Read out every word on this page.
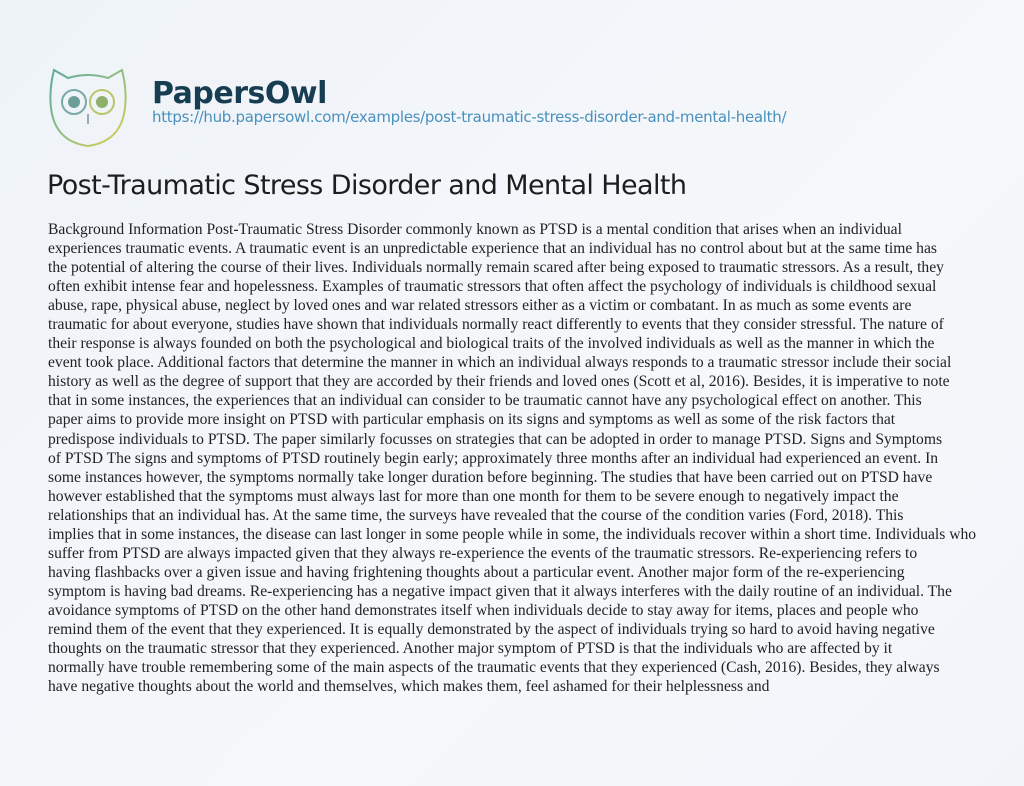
PapersOwl
https://hub.papersowl.com/examples/post-traumatic-stress-disorder-and-mental-health/
Post-Traumatic Stress Disorder and Mental Health
Background Information Post-Traumatic Stress Disorder commonly known as PTSD is a mental condition that arises when an individual
experiences traumatic events. A traumatic event is an unpredictable experience that an individual has no control about but at the same time has
the potential of altering the course of their lives. Individuals normally remain scared after being exposed to traumatic stressors. As a result, they
often exhibit intense fear and hopelessness. Examples of traumatic stressors that often affect the psychology of individuals is childhood sexual
abuse, rape, physical abuse, neglect by loved ones and war related stressors either as a victim or combatant. In as much as some events are
traumatic for about everyone, studies have shown that individuals normally react differently to events that they consider stressful. The nature of
their response is always founded on both the psychological and biological traits of the involved individuals as well as the manner in which the
event took place. Additional factors that determine the manner in which an individual always responds to a traumatic stressor include their social
history as well as the degree of support that they are accorded by their friends and loved ones (Scott et al, 2016). Besides, it is imperative to note
that in some instances, the experiences that an individual can consider to be traumatic cannot have any psychological effect on another. This
paper aims to provide more insight on PTSD with particular emphasis on its signs and symptoms as well as some of the risk factors that
predispose individuals to PTSD. The paper similarly focusses on strategies that can be adopted in order to manage PTSD. Signs and Symptoms
of PTSD The signs and symptoms of PTSD routinely begin early; approximately three months after an individual had experienced an event. In
some instances however, the symptoms normally take longer duration before beginning. The studies that have been carried out on PTSD have
however established that the symptoms must always last for more than one month for them to be severe enough to negatively impact the
relationships that an individual has. At the same time, the surveys have revealed that the course of the condition varies (Ford, 2018). This
implies that in some instances, the disease can last longer in some people while in some, the individuals recover within a short time. Individuals who
suffer from PTSD are always impacted given that they always re-experience the events of the traumatic stressors. Re-experiencing refers to
having flashbacks over a given issue and having frightening thoughts about a particular event. Another major form of the re-experiencing
symptom is having bad dreams. Re-experiencing has a negative impact given that it always interferes with the daily routine of an individual. The
avoidance symptoms of PTSD on the other hand demonstrates itself when individuals decide to stay away for items, places and people who
remind them of the event that they experienced. It is equally demonstrated by the aspect of individuals trying so hard to avoid having negative
thoughts on the traumatic stressor that they experienced. Another major symptom of PTSD is that the individuals who are affected by it
normally have trouble remembering some of the main aspects of the traumatic events that they experienced (Cash, 2016). Besides, they always
have negative thoughts about the world and themselves, which makes them, feel ashamed for their helplessness and
